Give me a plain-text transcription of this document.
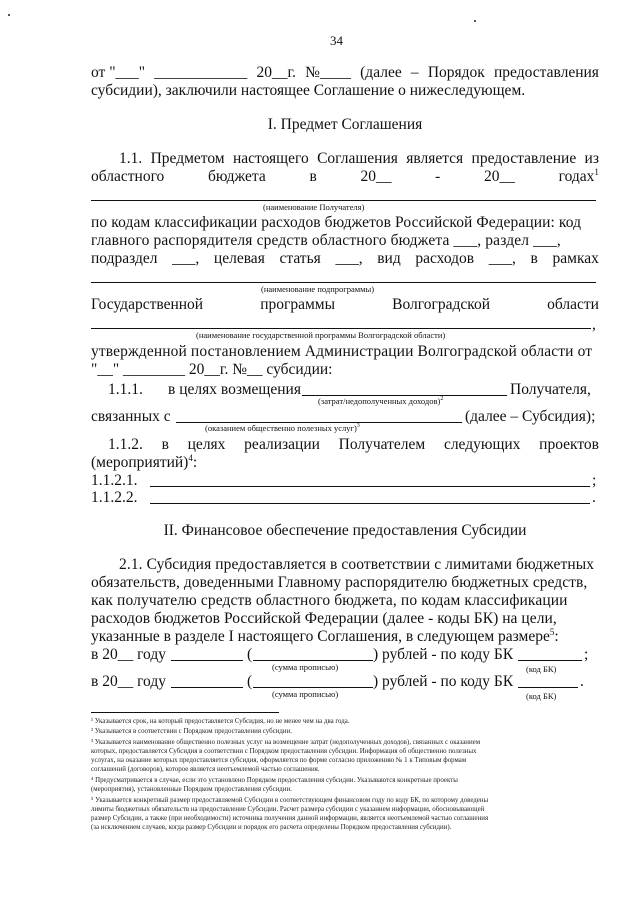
34
от "___" ____________ 20__г. №____ (далее – Порядок предоставления
субсидии), заключили настоящее Соглашение о нижеследующем.
I. Предмет Соглашения
1.1. Предметом настоящего Соглашения является предоставление из
областного	бюджета	в	20__	-	20__	годах$^1$
(наименование Получателя)
по кодам классификации расходов бюджетов Российской Федерации: код
главного распорядителя средств областного бюджета ___, раздел ___,
подраздел ___, целевая статья ___, вид расходов ___, в рамках
(наименование подпрограммы)
Государственной	программы	Волгоградской	области
,
(наименование государственной программы Волгоградской области)
утвержденной постановлением Администрации Волгоградской области от
"__" ________ 20__г. №__ субсидии:
1.1.1. в целях возмещения	Получателя,
(затрат/недополученных доходов)$^2$
связанных с	(далее – Субсидия);
(оказанием общественно полезных услуг)$^3$
1.1.2. в целях реализации Получателем следующих проектов
(мероприятий)$^4$:
1.1.2.1.	;
1.1.2.2.	.
II. Финансовое обеспечение предоставления Субсидии
2.1. Субсидия предоставляется в соответствии с лимитами бюджетных
обязательств, доведенными Главному распорядителю бюджетных средств,
как получателю средств областного бюджета, по кодам классификации
расходов бюджетов Российской Федерации (далее - коды БК) на цели,
указанные в разделе I настоящего Соглашения, в следующем размере$^5$:
в 20__ году	(	) рублей - по коду БК	;
(сумма прописью)	(код БК)
в 20__ году	(	) рублей - по коду БК	.
(сумма прописью)	(код БК)
¹ Указывается срок, на который предоставляется Субсидия, но не менее чем на два года.
² Указывается в соответствии с Порядком предоставления субсидии.
³ Указывается наименование общественно полезных услуг на возмещение затрат (недополученных доходов), связанных с оказанием
которых, предоставляется Субсидия в соответствии с Порядком предоставления субсидии. Информация об общественно полезных
услугах, на оказание которых предоставляется субсидия, оформляется по форме согласно приложению № 1 к Типовым формам
соглашений (договоров), которое является неотъемлемой частью соглашения.
⁴ Предусматривается в случае, если это установлено Порядком предоставления субсидии. Указываются конкретные проекты
(мероприятия), установленные Порядком предоставления субсидии.
⁵ Указывается конкретный размер предоставляемой Субсидии в соответствующем финансовом году по коду БК, по которому доведены
лимиты бюджетных обязательств на предоставление Субсидии. Расчет размера субсидии с указанием информации, обосновывающей
размер Субсидии, а также (при необходимости) источника получения данной информации, является неотъемлемой частью соглашения
(за исключением случаев, когда размер Субсидии и порядок его расчета определены Порядком предоставления субсидии).
